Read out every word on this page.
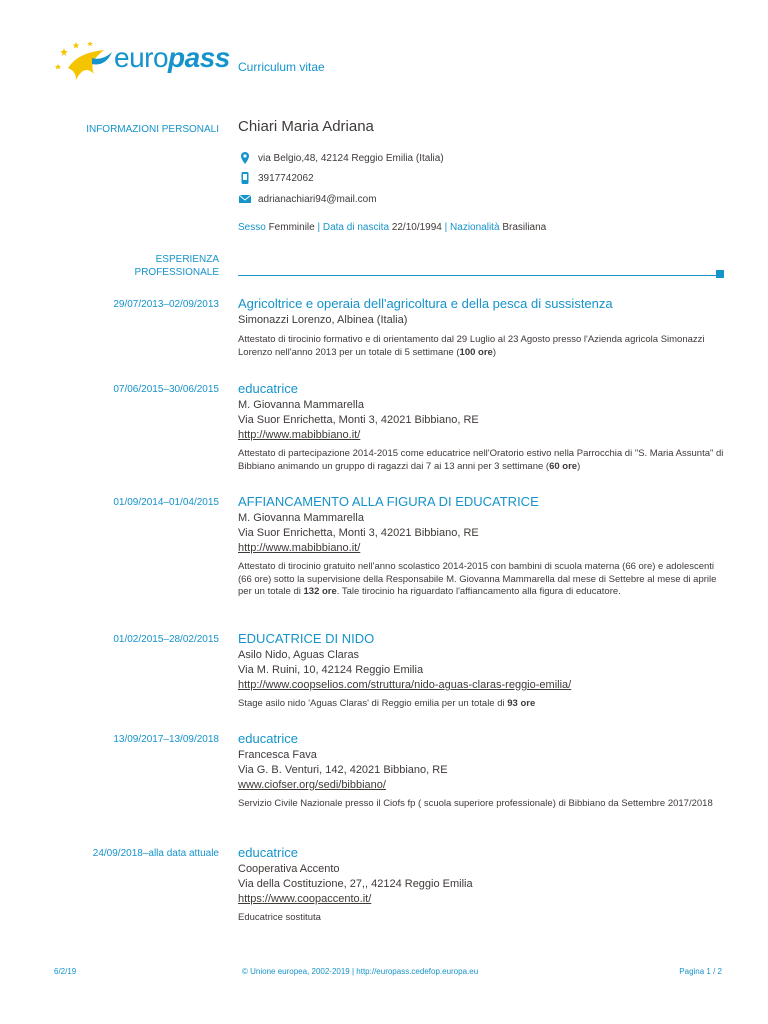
europass Curriculum vitae
INFORMAZIONI PERSONALI Chiari Maria Adriana
via Belgio,48, 42124 Reggio Emilia (Italia)
3917742062
adrianachiari94@mail.com
Sesso Femminile | Data di nascita 22/10/1994 | Nazionalità Brasiliana
ESPERIENZA
PROFESSIONALE
29/07/2013–02/09/2013 Agricoltrice e operaia dell'agricoltura e della pesca di sussistenza
Simonazzi Lorenzo, Albinea (Italia)
Attestato di tirocinio formativo e di orientamento dal 29 Luglio al 23 Agosto presso l'Azienda agricola Simonazzi Lorenzo nell'anno 2013 per un totale di 5 settimane (100 ore)
07/06/2015–30/06/2015 educatrice
M. Giovanna Mammarella
Via Suor Enrichetta, Monti 3, 42021 Bibbiano, RE
http://www.mabibbiano.it/
Attestato di partecipazione 2014-2015 come educatrice nell'Oratorio estivo nella Parrocchia di "S. Maria Assunta" di Bibbiano animando un gruppo di ragazzi dai 7 ai 13 anni per 3 settimane (60 ore)
01/09/2014–01/04/2015 AFFIANCAMENTO ALLA FIGURA DI EDUCATRICE
M. Giovanna Mammarella
Via Suor Enrichetta, Monti 3, 42021 Bibbiano, RE
http://www.mabibbiano.it/
Attestato di tirocinio gratuito nell'anno scolastico 2014-2015 con bambini di scuola materna (66 ore) e adolescenti (66 ore) sotto la supervisione della Responsabile M. Giovanna Mammarella dal mese di Settebre al mese di aprile per un totale di 132 ore. Tale tirocinio ha riguardato l'affiancamento alla figura di educatore.
01/02/2015–28/02/2015 EDUCATRICE DI NIDO
Asilo Nido, Aguas Claras
Via M. Ruini, 10, 42124 Reggio Emilia
http://www.coopselios.com/struttura/nido-aguas-claras-reggio-emilia/
Stage asilo nido 'Aguas Claras' di Reggio emilia per un totale di 93 ore
13/09/2017–13/09/2018 educatrice
Francesca Fava
Via G. B. Venturi, 142, 42021 Bibbiano, RE
www.ciofser.org/sedi/bibbiano/
Servizio Civile Nazionale presso il Ciofs fp ( scuola superiore professionale) di Bibbiano da Settembre 2017/2018
24/09/2018–alla data attuale educatrice
Cooperativa Accento
Via della Costituzione, 27,, 42124 Reggio Emilia
https://www.coopaccento.it/
Educatrice sostituta
6/2/19	© Unione europea, 2002-2019 | http://europass.cedefop.europa.eu	Pagina 1 / 2
